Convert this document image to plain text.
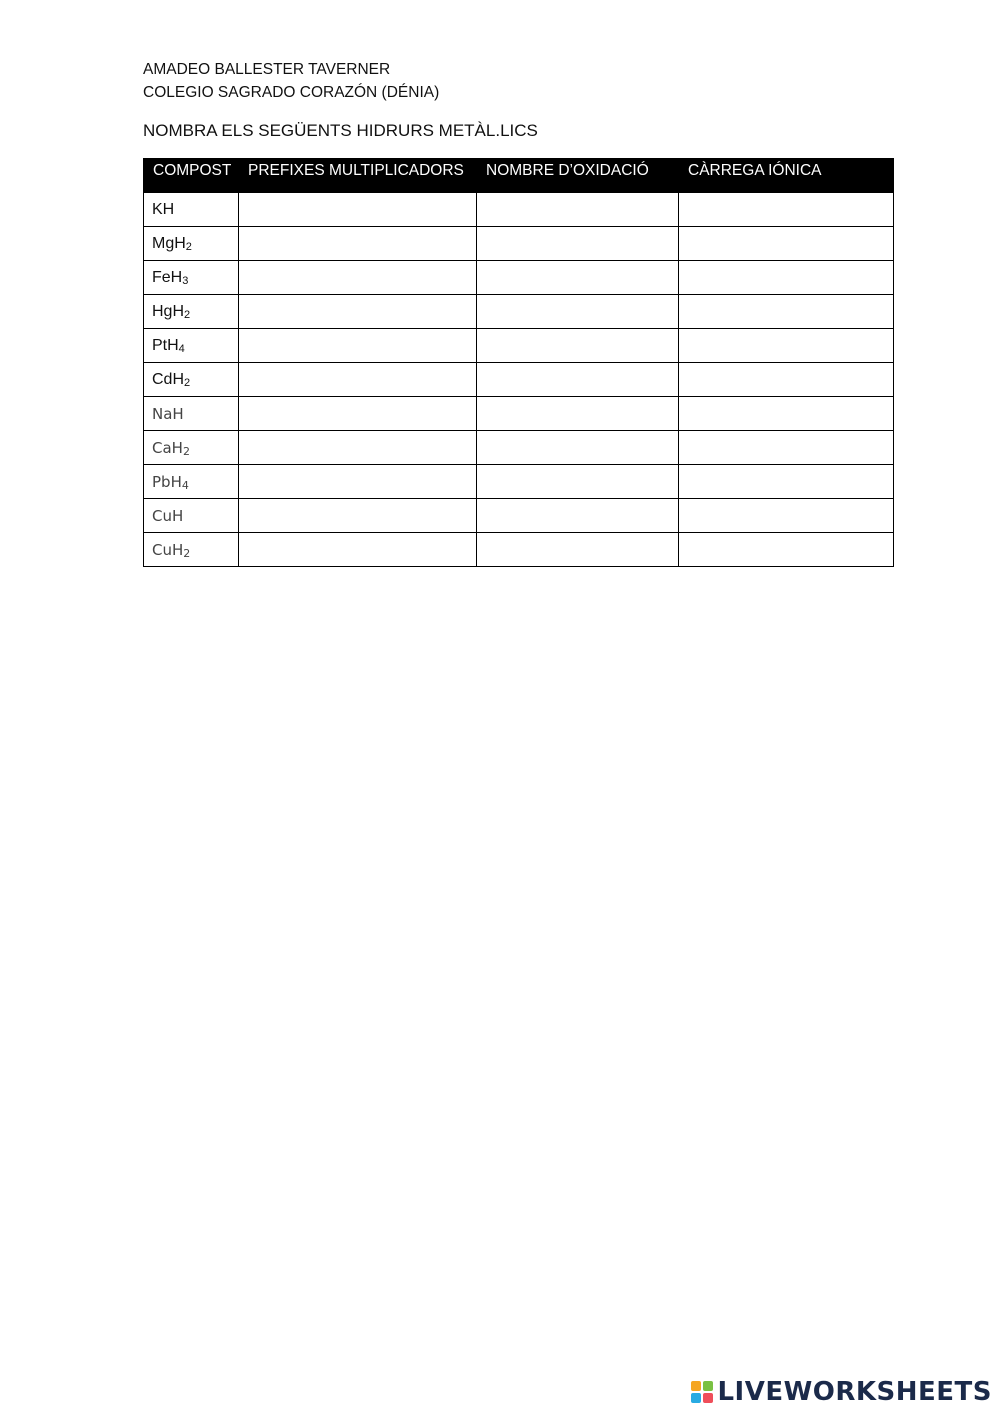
AMADEO BALLESTER TAVERNER

COLEGIO SAGRADO CORAZÓN (DÉNIA)

NOMBRA ELS SEGÜENTS HIDRURS METÀL.LICS

COMPOST	PREFIXES MULTIPLICADORS	NOMBRE D’OXIDACIÓ	CÀRREGA IÓNICA
KH			
MgH$_2$			
FeH$_3$			
HgH$_2$			
PtH$_4$			
CdH$_2$			
NaH			
CaH$_2$			
PbH$_4$			
CuH			
CuH$_2$			
LIVEWORKSHEETS
